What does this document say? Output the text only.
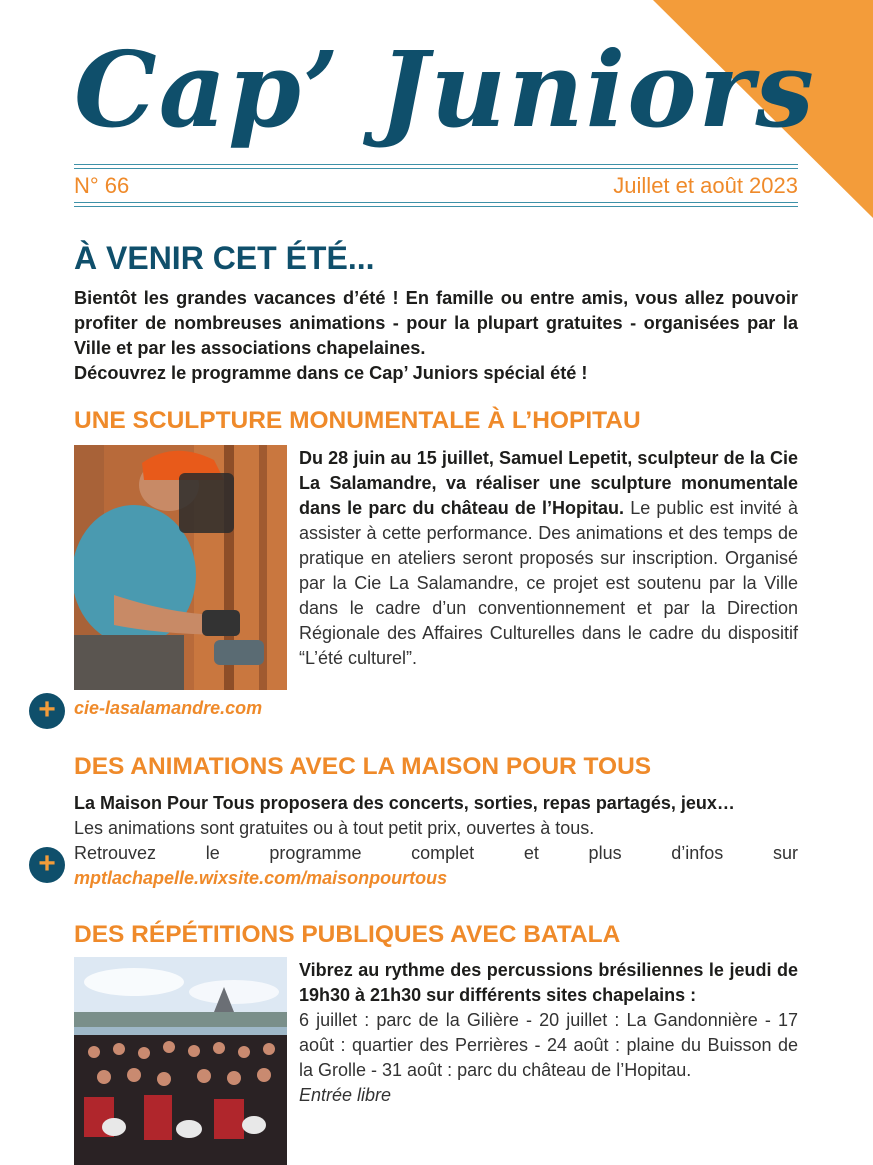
Cap’ Juniors
N° 66	Juillet et août 2023
À VENIR CET ÉTÉ...
Bientôt les grandes vacances d’été ! En famille ou entre amis, vous allez pouvoir profiter de nombreuses animations - pour la plupart gratuites - organisées par la Ville et par les associations chapelaines.
Découvrez le programme dans ce Cap’ Juniors spécial été !
UNE SCULPTURE MONUMENTALE À L’HOPITAU
Du 28 juin au 15 juillet, Samuel Lepetit, sculpteur de la Cie La Salamandre, va réaliser une sculpture monumentale dans le parc du château de l’Hopitau. Le public est invité à assister à cette performance. Des animations et des temps de pratique en ateliers seront proposés sur inscription. Organisé par la Cie La Salamandre, ce projet est soutenu par la Ville dans le cadre d’un conventionnement et par la Direction Régionale des Affaires Culturelles dans le cadre du dispositif “L’été culturel”.
+	cie-lasalamandre.com
DES ANIMATIONS AVEC LA MAISON POUR TOUS
La Maison Pour Tous proposera des concerts, sorties, repas partagés, jeux…
Les animations sont gratuites ou à tout petit prix, ouvertes à tous.
Retrouvez le programme complet et plus d’infos sur mptlachapelle.wixsite.com/maisonpourtous
+
DES RÉPÉTITIONS PUBLIQUES AVEC BATALA
Vibrez au rythme des percussions brésiliennes le jeudi de 19h30 à 21h30 sur différents sites chapelains :
6 juillet : parc de la Gilière - 20 juillet : La Gandonnière - 17 août : quartier des Perrières - 24 août : plaine du Buisson de la Grolle - 31 août : parc du château de l’Hopitau.
Entrée libre
